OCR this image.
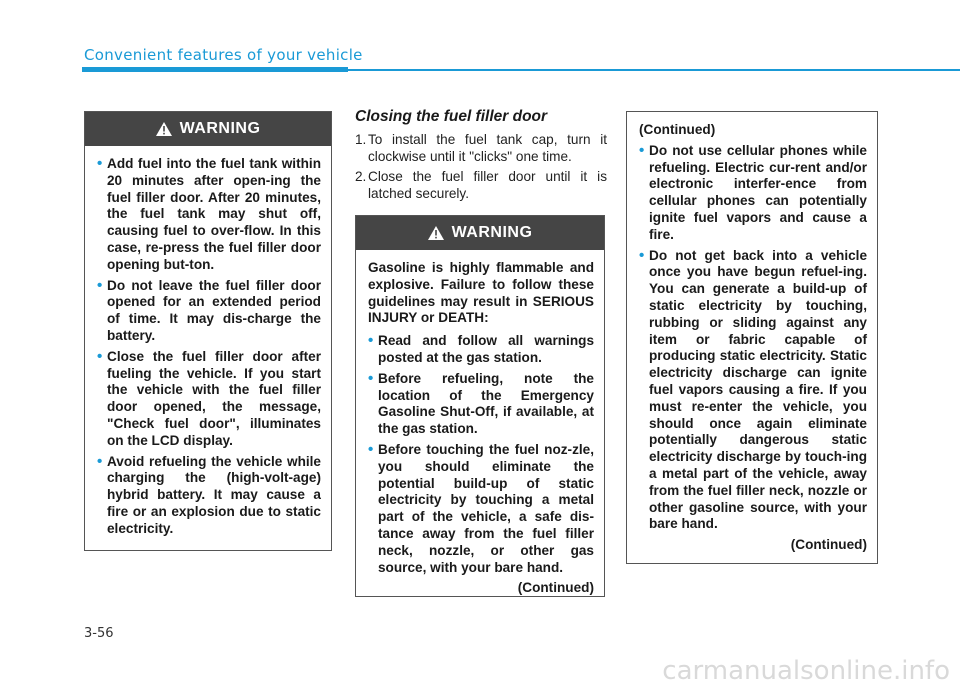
Convenient features of your vehicle
WARNING
• Add fuel into the fuel tank within 20 minutes after open-ing the fuel filler door. After 20 minutes, the fuel tank may shut off, causing fuel to over-flow. In this case, re-press the fuel filler door opening but-ton.
• Do not leave the fuel filler door opened for an extended period of time. It may dis-charge the battery.
• Close the fuel filler door after fueling the vehicle. If you start the vehicle with the fuel filler door opened, the message, "Check fuel door", illuminates on the LCD display.
• Avoid refueling the vehicle while charging the (high-volt-age) hybrid battery. It may cause a fire or an explosion due to static electricity.
Closing the fuel filler door
1. To install the fuel tank cap, turn it clockwise until it "clicks" one time.
2. Close the fuel filler door until it is latched securely.
WARNING
Gasoline is highly flammable and explosive. Failure to follow these guidelines may result in SERIOUS INJURY or DEATH:
• Read and follow all warnings posted at the gas station.
• Before refueling, note the location of the Emergency Gasoline Shut-Off, if available, at the gas station.
• Before touching the fuel noz-zle, you should eliminate the potential build-up of static electricity by touching a metal part of the vehicle, a safe dis-tance away from the fuel filler neck, nozzle, or other gas source, with your bare hand.
(Continued)
(Continued)
• Do not use cellular phones while refueling. Electric cur-rent and/or electronic interfer-ence from cellular phones can potentially ignite fuel vapors and cause a fire.
• Do not get back into a vehicle once you have begun refuel-ing. You can generate a build-up of static electricity by touching, rubbing or sliding against any item or fabric capable of producing static electricity. Static electricity discharge can ignite fuel vapors causing a fire. If you must re-enter the vehicle, you should once again eliminate potentially dangerous static electricity discharge by touch-ing a metal part of the vehicle, away from the fuel filler neck, nozzle or other gasoline source, with your bare hand.
(Continued)
3-56
carmanualsonline.info
